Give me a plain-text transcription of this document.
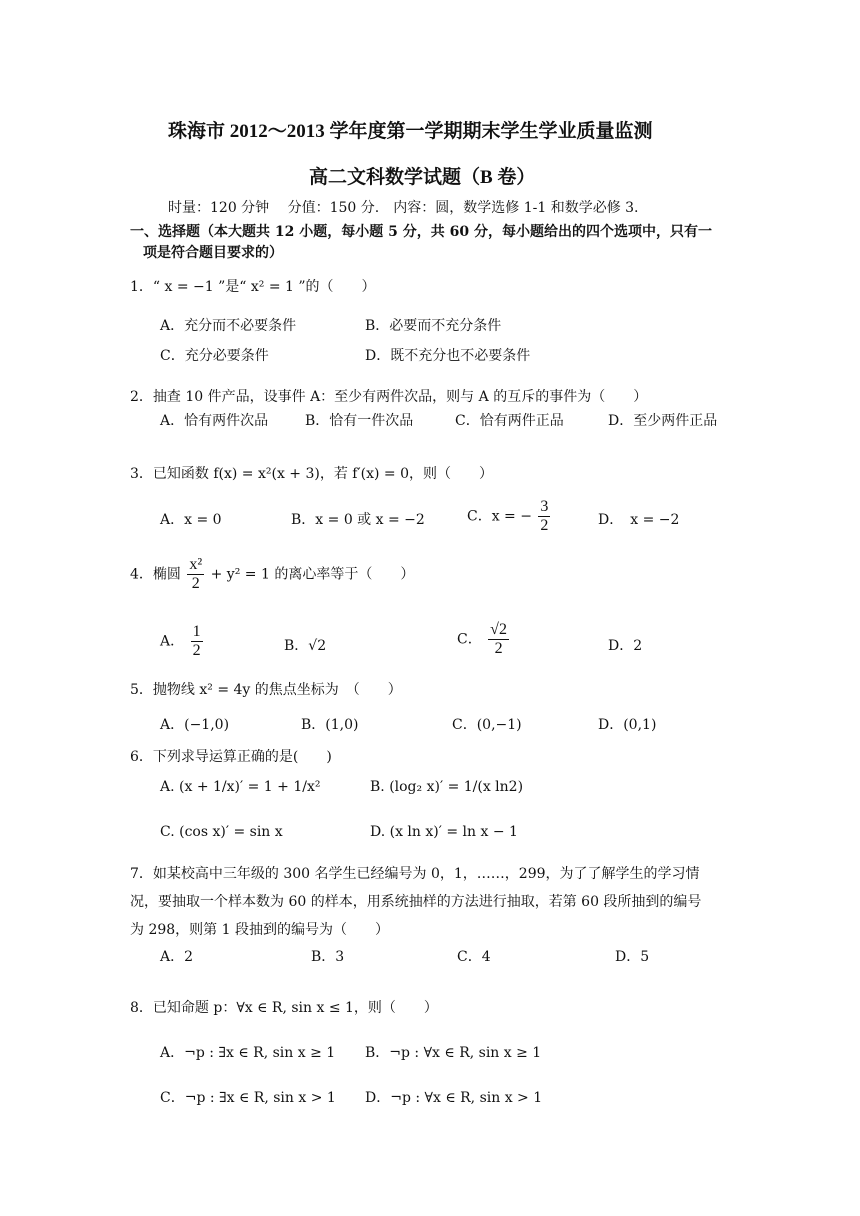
珠海市 2012～2013 学年度第一学期期末学生学业质量监测
高二文科数学试题（B 卷）
时量：120 分钟　 分值：150 分.　内容：圆，数学选修 1-1 和数学必修 3.
一、选择题（本大题共 12 小题，每小题 5 分，共 60 分，每小题给出的四个选项中，只有一
项是符合题目要求的）
1．“ x = −1 ”是“ x² = 1 ”的（　　）
A．充分而不必要条件	B．必要而不充分条件
C．充分必要条件	D．既不充分也不必要条件
2．抽查 10 件产品，设事件 A：至少有两件次品，则与 A 的互斥的事件为（　　）
A．恰有两件次品	B．恰有一件次品	C．恰有两件正品	D．至少两件正品
3．已知函数 f(x) = x²(x + 3)，若 f′(x) = 0，则（　　）
A．x = 0	B．x = 0 或 x = −2	C．x = − $\frac{3}{2}$	D．　x = −2
4．椭圆 $\frac{\text{x²}}{2} + y^2 = 1$ 的离心率等于（　　）
A． $\frac{1}{2}$	B．√2	C． $\frac{√2}{2}$	D．2
5．抛物线 x² = 4y 的焦点坐标为　（　　）
A．(−1,0)	B．(1,0)	C．(0,−1)	D．(0,1)
6．下列求导运算正确的是(　　)
A. (x + 1/x)′ = 1 + 1/x²	B. (log₂ x)′ = 1/(x ln2)
C. (cos x)′ = sin x	D. (x ln x)′ = ln x − 1
7．如某校高中三年级的 300 名学生已经编号为 0，1，……，299，为了了解学生的学习情
况，要抽取一个样本数为 60 的样本，用系统抽样的方法进行抽取，若第 60 段所抽到的编号
为 298，则第 1 段抽到的编号为（　　）
A．2	B．3	C．4	D．5
8．已知命题 p：∀x ∈ R, sin x ≤ 1，则（　　）
A．¬p : ∃x ∈ R, sin x ≥ 1 B．¬p : ∀x ∈ R, sin x ≥ 1
C．¬p : ∃x ∈ R, sin x > 1 D．¬p : ∀x ∈ R, sin x > 1
